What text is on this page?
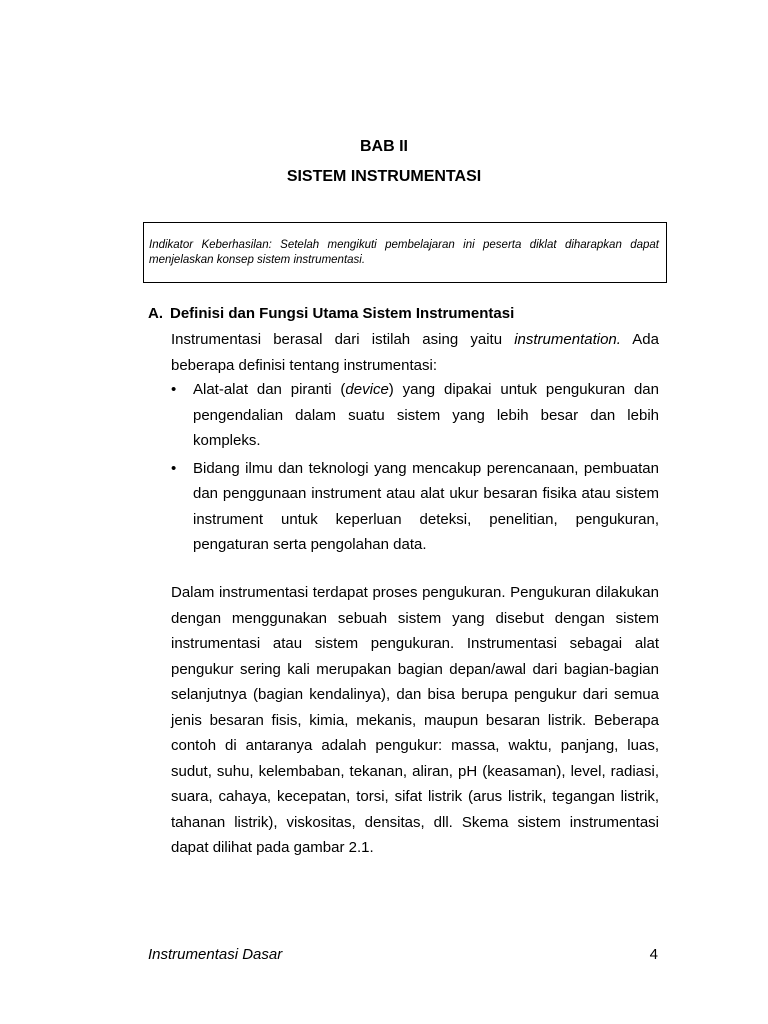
BAB II
SISTEM INSTRUMENTASI
Indikator Keberhasilan: Setelah mengikuti pembelajaran ini peserta diklat diharapkan dapat menjelaskan konsep sistem instrumentasi.
A. Definisi dan Fungsi Utama Sistem Instrumentasi
Instrumentasi berasal dari istilah asing yaitu instrumentation. Ada beberapa definisi tentang instrumentasi:
• Alat-alat dan piranti (device) yang dipakai untuk pengukuran dan pengendalian dalam suatu sistem yang lebih besar dan lebih kompleks.
• Bidang ilmu dan teknologi yang mencakup perencanaan, pembuatan dan penggunaan instrument atau alat ukur besaran fisika atau sistem instrument untuk keperluan deteksi, penelitian, pengukuran, pengaturan serta pengolahan data.
Dalam instrumentasi terdapat proses pengukuran. Pengukuran dilakukan dengan menggunakan sebuah sistem yang disebut dengan sistem instrumentasi atau sistem pengukuran. Instrumentasi sebagai alat pengukur sering kali merupakan bagian depan/awal dari bagian-bagian selanjutnya (bagian kendalinya), dan bisa berupa pengukur dari semua jenis besaran fisis, kimia, mekanis, maupun besaran listrik. Beberapa contoh di antaranya adalah pengukur: massa, waktu, panjang, luas, sudut, suhu, kelembaban, tekanan, aliran, pH (keasaman), level, radiasi, suara, cahaya, kecepatan, torsi, sifat listrik (arus listrik, tegangan listrik, tahanan listrik), viskositas, densitas, dll. Skema sistem instrumentasi dapat dilihat pada gambar 2.1.
Instrumentasi Dasar	4
